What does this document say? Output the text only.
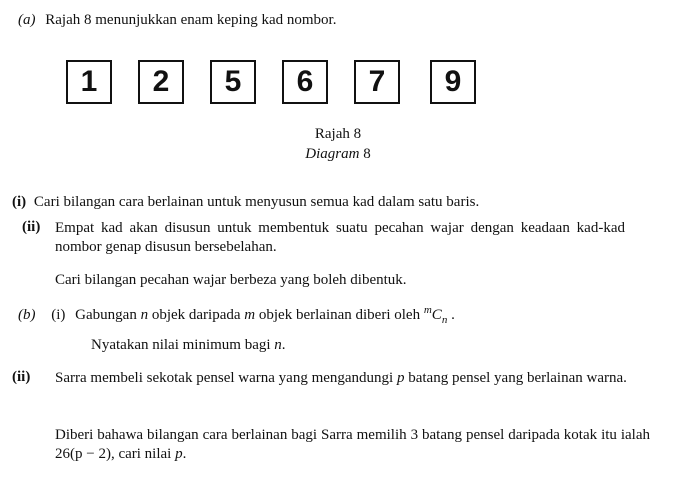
(a) Rajah 8 menunjukkan enam keping kad nombor.
1	2	5	6	7	9
Rajah 8
Diagram 8
(i) Cari bilangan cara berlainan untuk menyusun semua kad dalam satu baris.
(ii) Empat kad akan disusun untuk membentuk suatu pecahan wajar dengan keadaan kad-kad nombor genap disusun bersebelahan.
Cari bilangan pecahan wajar berbeza yang boleh dibentuk.
(b) (i) Gabungan n objek daripada m objek berlainan diberi oleh $^mC_n$ .
Nyatakan nilai minimum bagi n.
(ii) Sarra membeli sekotak pensel warna yang mengandungi p batang pensel yang berlainan warna.
Diberi bahawa bilangan cara berlainan bagi Sarra memilih 3 batang pensel daripada kotak itu ialah 26(p − 2), cari nilai p.
